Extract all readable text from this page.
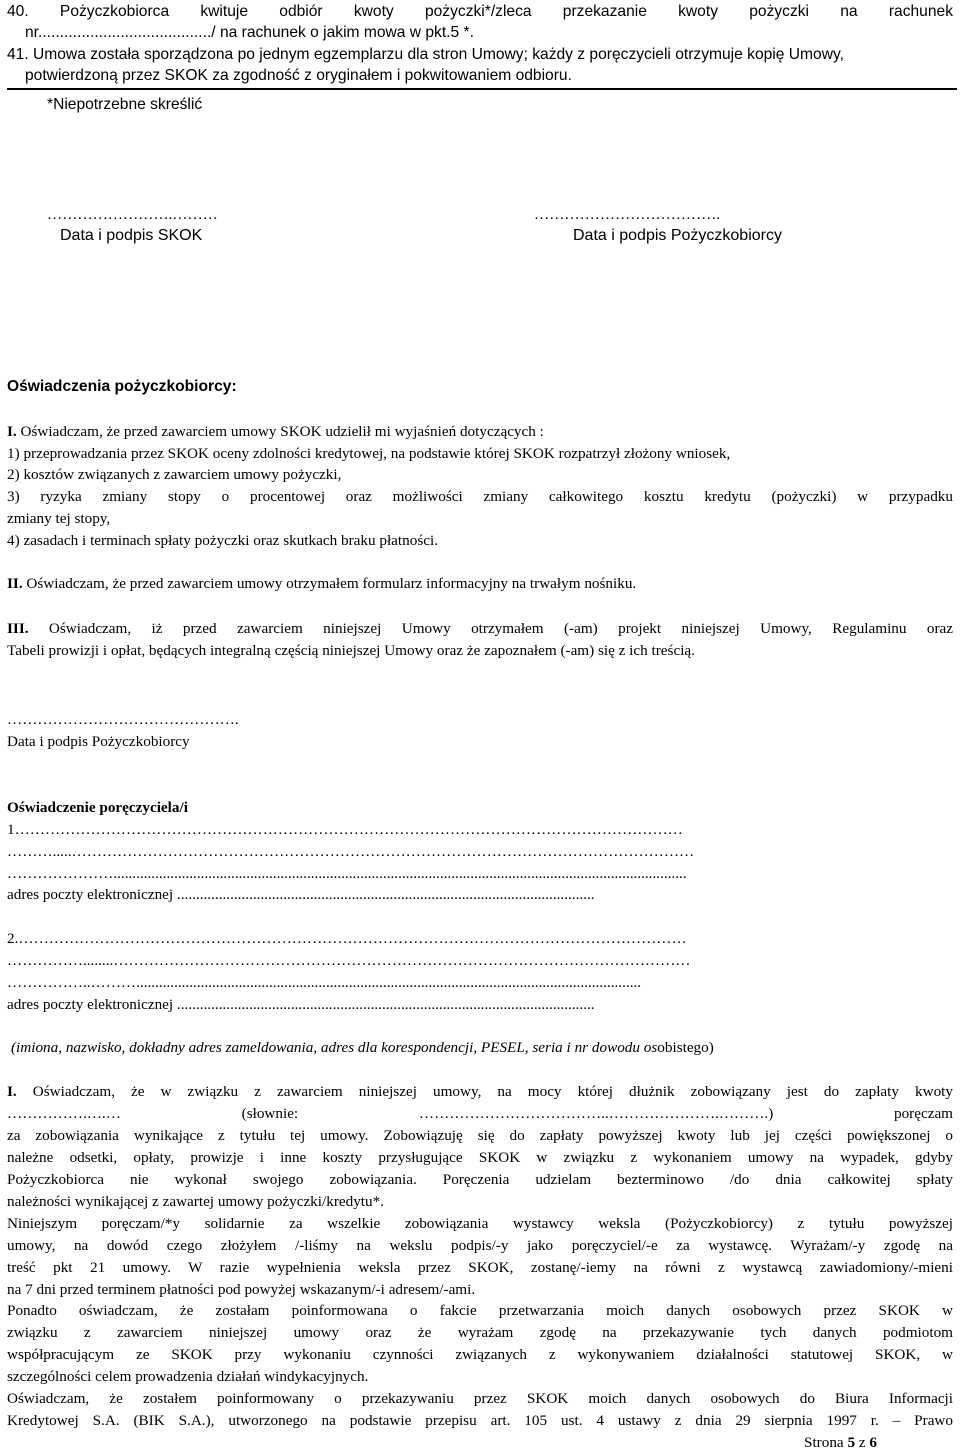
40. Pożyczkobiorca kwituje odbiór kwoty pożyczki*/zleca przekazanie kwoty pożyczki na rachunek
nr......................................../ na rachunek o jakim mowa w pkt.5 *.
41. Umowa została sporządzona po jednym egzemplarzu dla stron Umowy; każdy z poręczycieli otrzymuje kopię Umowy,
potwierdzoną przez SKOK za zgodność z oryginałem i pokwitowaniem odbioru.
*Niepotrzebne skreślić
…………………….………
Data i podpis SKOK
……………………………….
Data i podpis Pożyczkobiorcy
Oświadczenia pożyczkobiorcy:
I. Oświadczam, że przed zawarciem umowy SKOK udzielił mi wyjaśnień dotyczących :
1) przeprowadzania przez SKOK oceny zdolności kredytowej, na podstawie której SKOK rozpatrzył złożony wniosek,
2) kosztów związanych z zawarciem umowy pożyczki,
3) ryzyka zmiany stopy o procentowej oraz możliwości zmiany całkowitego kosztu kredytu (pożyczki) w przypadku
zmiany tej stopy,
4) zasadach i terminach spłaty pożyczki oraz skutkach braku płatności.
II. Oświadczam, że przed zawarciem umowy otrzymałem formularz informacyjny na trwałym nośniku.
III. Oświadczam, iż przed zawarciem niniejszej Umowy otrzymałem (-am) projekt niniejszej Umowy, Regulaminu oraz
Tabeli prowizji i opłat, będących integralną częścią niniejszej Umowy oraz że zapoznałem (-am) się z ich treścią.
……………………………………….
Data i podpis Pożyczkobiorcy
Oświadczenie poręczyciela/i
1……………………………………………………………………………………………………………………
……….....……………………………………………………………………………………………………………
………………….......................................................................................................................................................
adres poczty elektronicznej ..............................................................................................................
2.……………………………………………………………………………………………………………………
……………........……………………………………………………………………………………………………
……………..……….....................................................................................................................................
adres poczty elektronicznej ..............................................................................................................
(imiona, nazwisko, dokładny adres zameldowania, adres dla korespondencji, PESEL, seria i nr dowodu osobistego)
I. Oświadczam, że w związku z zawarciem niniejszej umowy, na mocy której dłużnik zobowiązany jest do zapłaty kwoty
…………….….… (słownie: ………………………………..………………….……….) poręczam
za zobowiązania wynikające z tytułu tej umowy. Zobowiązuję się do zapłaty powyższej kwoty lub jej części powiększonej o
należne odsetki, opłaty, prowizje i inne koszty przysługujące SKOK w związku z wykonaniem umowy na wypadek, gdyby
Pożyczkobiorca nie wykonał swojego zobowiązania. Poręczenia udzielam bezterminowo /do dnia całkowitej spłaty
należności wynikającej z zawartej umowy pożyczki/kredytu*.
Niniejszym poręczam/*y solidarnie za wszelkie zobowiązania wystawcy weksla (Pożyczkobiorcy) z tytułu powyższej
umowy, na dowód czego złożyłem /-liśmy na wekslu podpis/-y jako poręczyciel/-e za wystawcę. Wyrażam/-y zgodę na
treść pkt 21 umowy. W razie wypełnienia weksla przez SKOK, zostanę/-iemy na równi z wystawcą zawiadomiony/-mieni
na 7 dni przed terminem płatności pod powyżej wskazanym/-i adresem/-ami.
Ponadto oświadczam, że zostałam poinformowana o fakcie przetwarzania moich danych osobowych przez SKOK w
związku z zawarciem niniejszej umowy oraz że wyrażam zgodę na przekazywanie tych danych podmiotom
współpracującym ze SKOK przy wykonaniu czynności związanych z wykonywaniem działalności statutowej SKOK, w
szczególności celem prowadzenia działań windykacyjnych.
Oświadczam, że zostałem poinformowany o przekazywaniu przez SKOK moich danych osobowych do Biura Informacji
Kredytowej S.A. (BIK S.A.), utworzonego na podstawie przepisu art. 105 ust. 4 ustawy z dnia 29 sierpnia 1997 r. – Prawo
Strona 5 z 6
